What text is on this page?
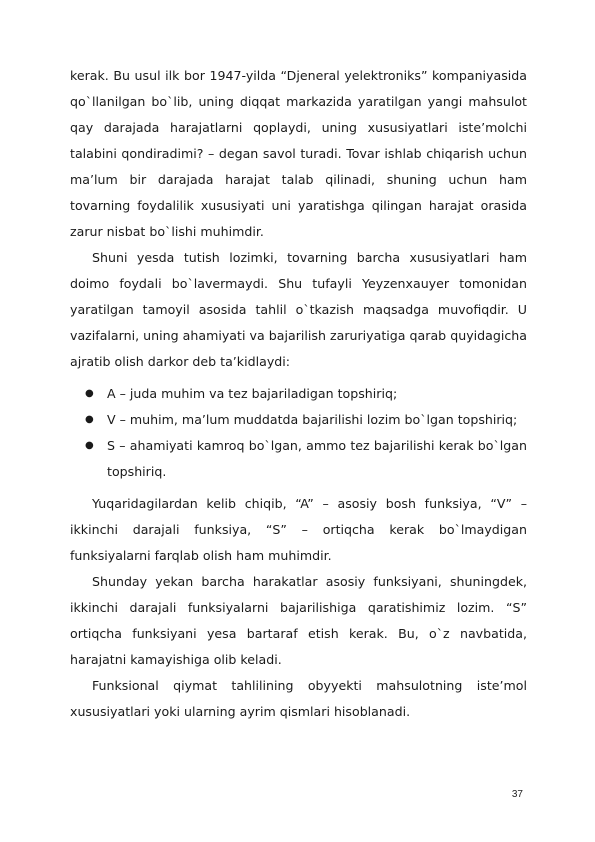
kerak. Bu usul ilk bor 1947-yilda “Djeneral yelektroniks” kompaniyasida qo`llanilgan bo`lib, uning diqqat markazida yaratilgan yangi mahsulot qay darajada harajatlarni qoplaydi, uning xususiyatlari iste’molchi talabini qondiradimi? – degan savol turadi. Tovar ishlab chiqarish uchun ma’lum bir darajada harajat talab qilinadi, shuning uchun ham tovarning foydalilik xususiyati uni yaratishga qilingan harajat orasida zarur nisbat bo`lishi muhimdir.

Shuni yesda tutish lozimki, tovarning barcha xususiyatlari ham doimo foydali bo`lavermaydi. Shu tufayli Yeyzenxauyer tomonidan yaratilgan tamoyil asosida tahlil o`tkazish maqsadga muvofiqdir. U vazifalarni, uning ahamiyati va bajarilish zaruriyatiga qarab quyidagicha ajratib olish darkor deb ta’kidlaydi:

● A – juda muhim va tez bajariladigan topshiriq;
● V – muhim, ma’lum muddatda bajarilishi lozim bo`lgan topshiriq;
● S – ahamiyati kamroq bo`lgan, ammo tez bajarilishi kerak bo`lgan topshiriq.

Yuqaridagilardan kelib chiqib, “A” – asosiy bosh funksiya, “V” – ikkinchi darajali funksiya, “S” – ortiqcha kerak bo`lmaydigan funksiyalarni farqlab olish ham muhimdir.

Shunday yekan barcha harakatlar asosiy funksiyani, shuningdek, ikkinchi darajali funksiyalarni bajarilishiga qaratishimiz lozim. “S” ortiqcha funksiyani yesa bartaraf etish kerak. Bu, o`z navbatida, harajatni kamayishiga olib keladi.

Funksional qiymat tahlilining obyyekti mahsulotning iste’mol xususiyatlari yoki ularning ayrim qismlari hisoblanadi.

37
